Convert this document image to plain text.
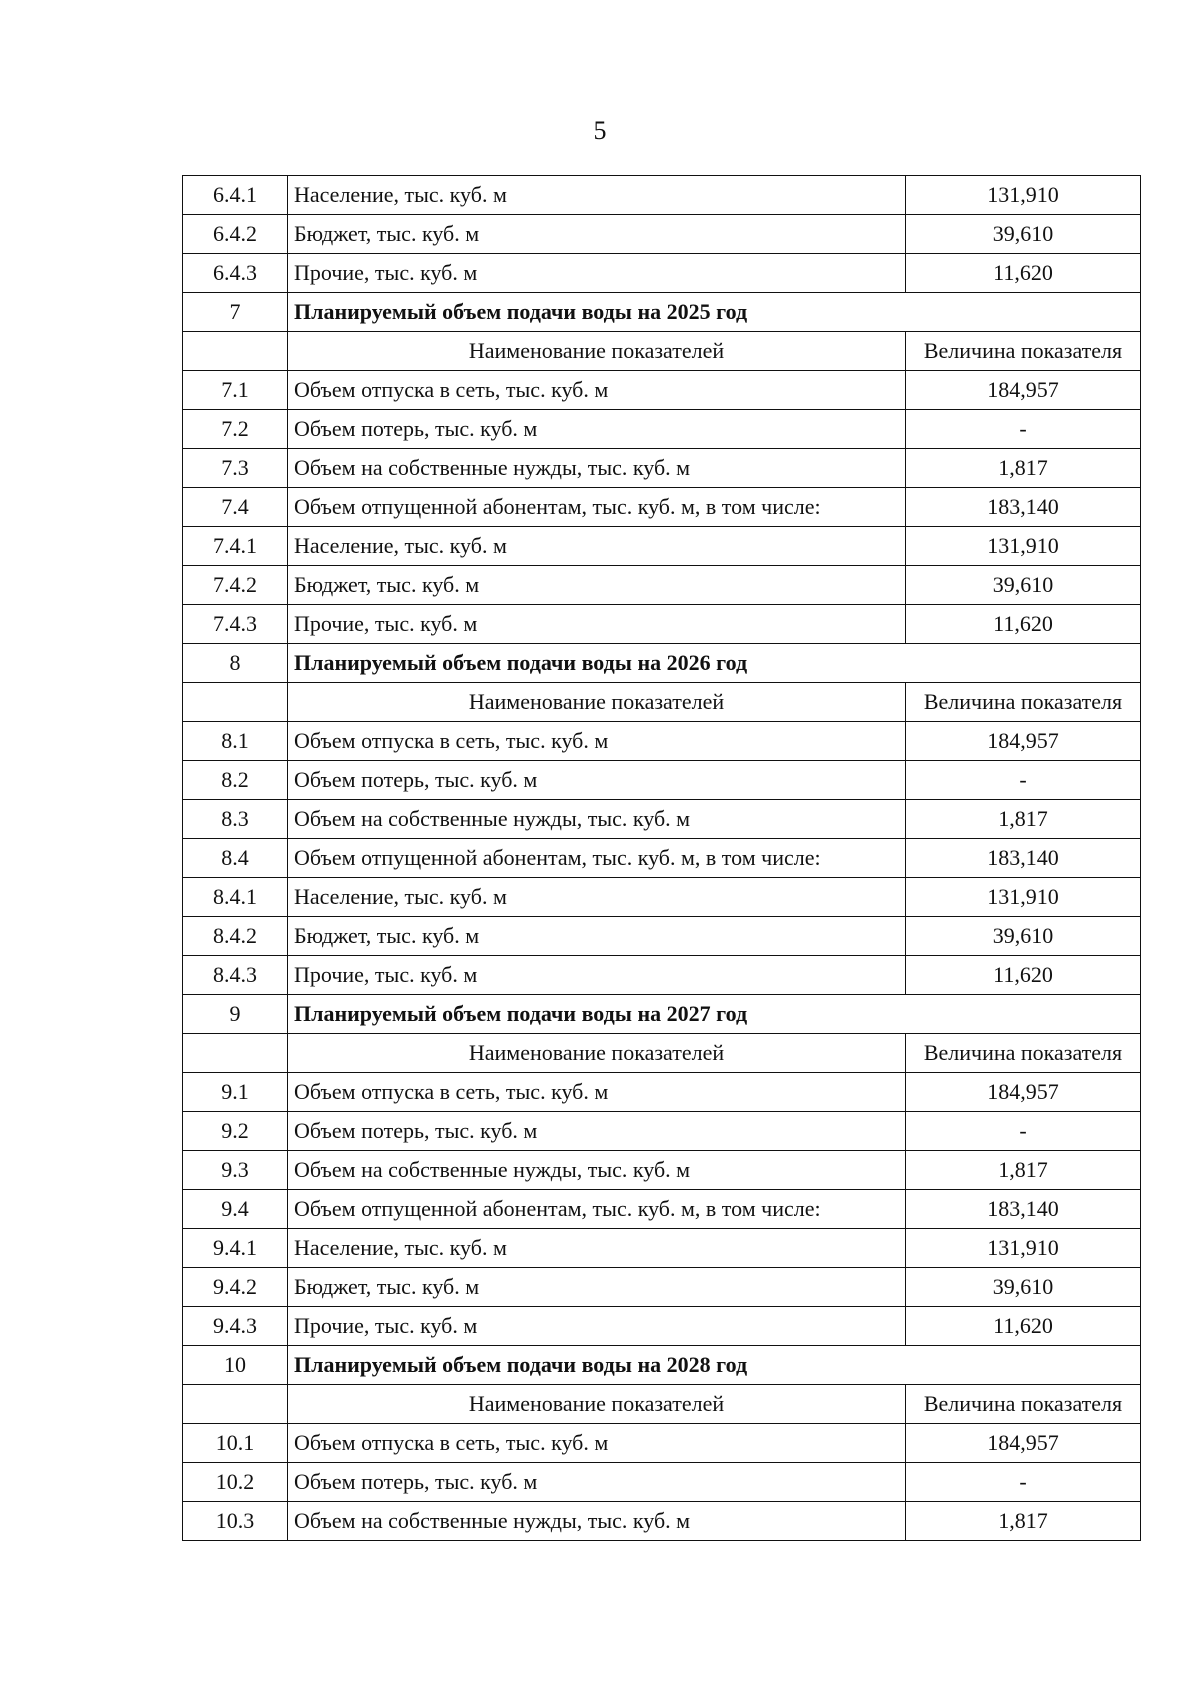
5
6.4.1	Население, тыс. куб. м	131,910
6.4.2	Бюджет, тыс. куб. м	39,610
6.4.3	Прочие, тыс. куб. м	11,620
7	Планируемый объем подачи воды на 2025 год	
	Наименование показателей	Величина показателя
7.1	Объем отпуска в сеть, тыс. куб. м	184,957
7.2	Объем потерь, тыс. куб. м	-
7.3	Объем на собственные нужды, тыс. куб. м	1,817
7.4	Объем отпущенной абонентам, тыс. куб. м, в том числе:	183,140
7.4.1	Население, тыс. куб. м	131,910
7.4.2	Бюджет, тыс. куб. м	39,610
7.4.3	Прочие, тыс. куб. м	11,620
8	Планируемый объем подачи воды на 2026 год	
	Наименование показателей	Величина показателя
8.1	Объем отпуска в сеть, тыс. куб. м	184,957
8.2	Объем потерь, тыс. куб. м	-
8.3	Объем на собственные нужды, тыс. куб. м	1,817
8.4	Объем отпущенной абонентам, тыс. куб. м, в том числе:	183,140
8.4.1	Население, тыс. куб. м	131,910
8.4.2	Бюджет, тыс. куб. м	39,610
8.4.3	Прочие, тыс. куб. м	11,620
9	Планируемый объем подачи воды на 2027 год	
	Наименование показателей	Величина показателя
9.1	Объем отпуска в сеть, тыс. куб. м	184,957
9.2	Объем потерь, тыс. куб. м	-
9.3	Объем на собственные нужды, тыс. куб. м	1,817
9.4	Объем отпущенной абонентам, тыс. куб. м, в том числе:	183,140
9.4.1	Население, тыс. куб. м	131,910
9.4.2	Бюджет, тыс. куб. м	39,610
9.4.3	Прочие, тыс. куб. м	11,620
10	Планируемый объем подачи воды на 2028 год	
	Наименование показателей	Величина показателя
10.1	Объем отпуска в сеть, тыс. куб. м	184,957
10.2	Объем потерь, тыс. куб. м	-
10.3	Объем на собственные нужды, тыс. куб. м	1,817
